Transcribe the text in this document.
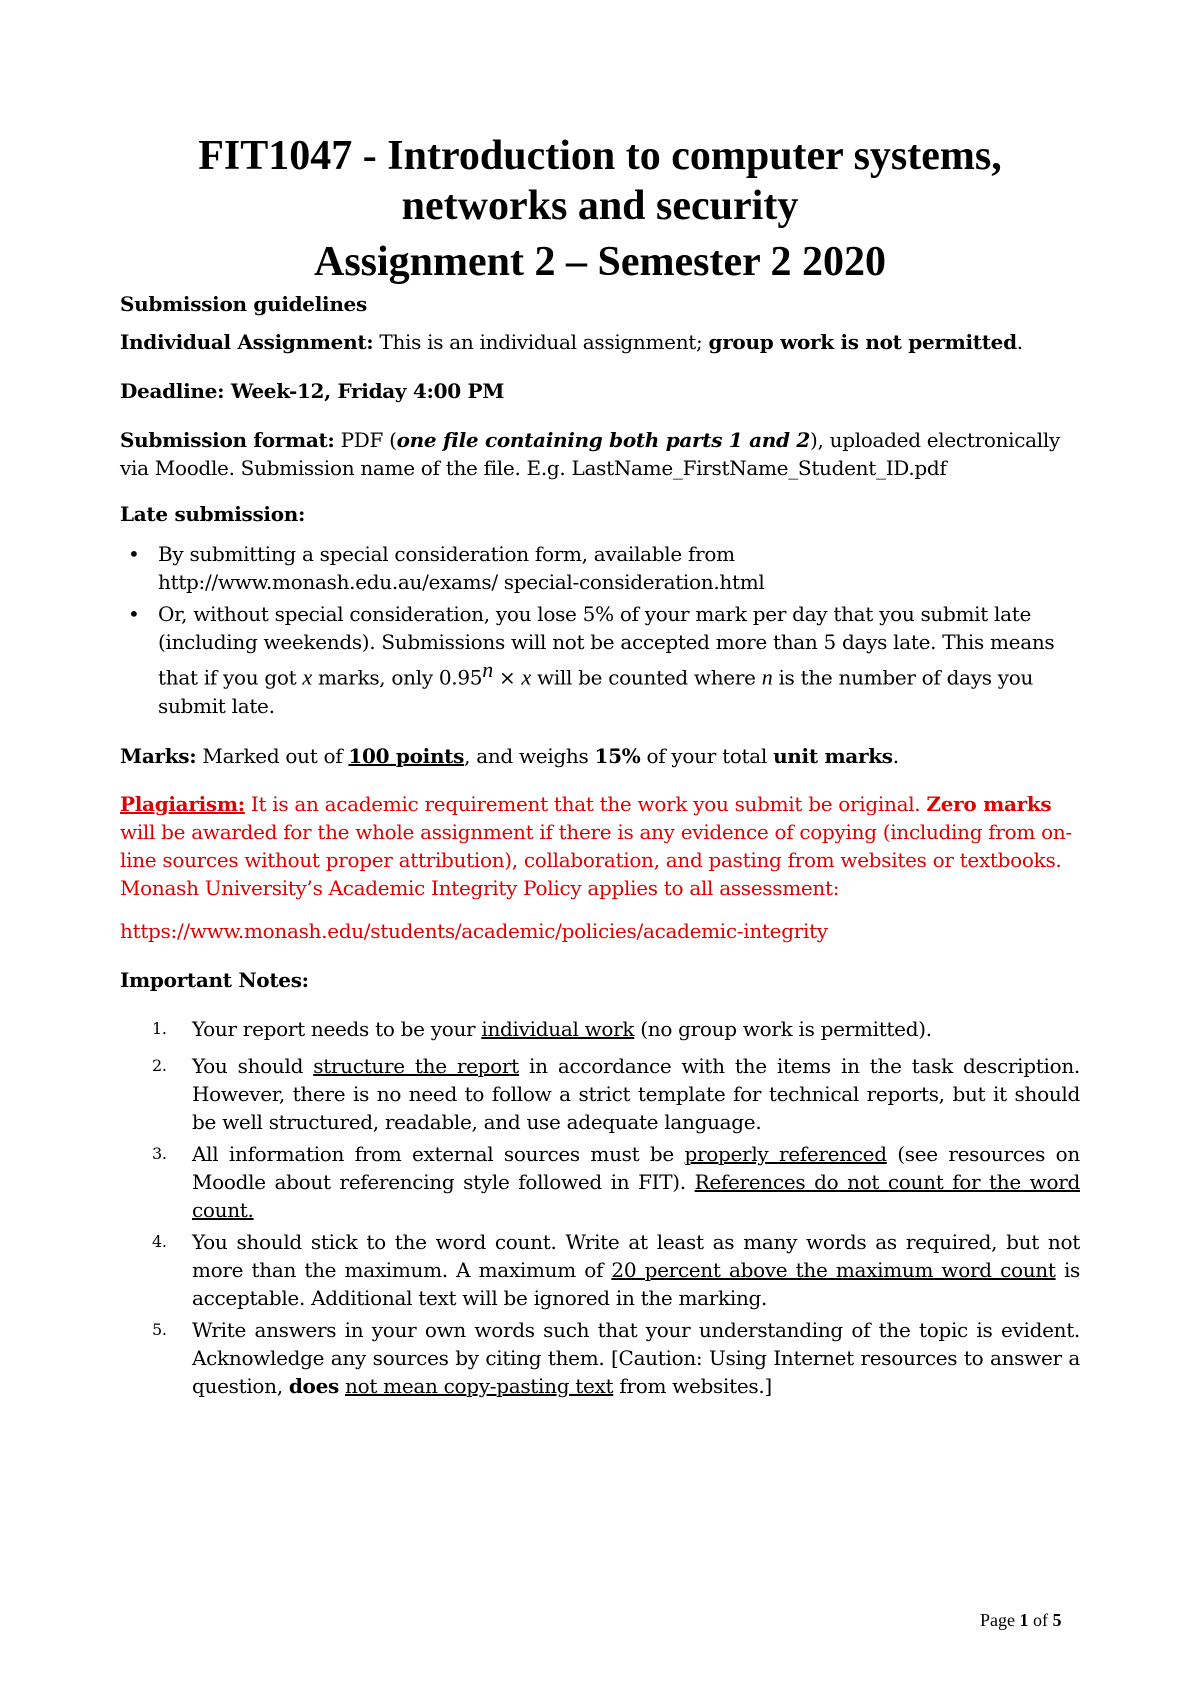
FIT1047 - Introduction to computer systems,
networks and security
Assignment 2 – Semester 2 2020
Submission guidelines
Individual Assignment: This is an individual assignment; group work is not permitted.
Deadline: Week-12, Friday 4:00 PM
Submission format: PDF (one file containing both parts 1 and 2), uploaded electronically via Moodle. Submission name of the file. E.g. LastName_FirstName_Student_ID.pdf
Late submission:
• By submitting a special consideration form, available from http://www.monash.edu.au/exams/ special-consideration.html
• Or, without special consideration, you lose 5% of your mark per day that you submit late (including weekends). Submissions will not be accepted more than 5 days late. This means that if you got x marks, only $0.95^n \times x$ will be counted where n is the number of days you submit late.
Marks: Marked out of 100 points, and weighs 15% of your total unit marks.
Plagiarism: It is an academic requirement that the work you submit be original. Zero marks will be awarded for the whole assignment if there is any evidence of copying (including from on-line sources without proper attribution), collaboration, and pasting from websites or textbooks. Monash University’s Academic Integrity Policy applies to all assessment:
https://www.monash.edu/students/academic/policies/academic-integrity
Important Notes:
1. Your report needs to be your individual work (no group work is permitted).
2. You should structure the report in accordance with the items in the task description. However, there is no need to follow a strict template for technical reports, but it should be well structured, readable, and use adequate language.
3. All information from external sources must be properly referenced (see resources on Moodle about referencing style followed in FIT). References do not count for the word count.
4. You should stick to the word count. Write at least as many words as required, but not more than the maximum. A maximum of 20 percent above the maximum word count is acceptable. Additional text will be ignored in the marking.
5. Write answers in your own words such that your understanding of the topic is evident. Acknowledge any sources by citing them. [Caution: Using Internet resources to answer a question, does not mean copy-pasting text from websites.]
Page 1 of 5
